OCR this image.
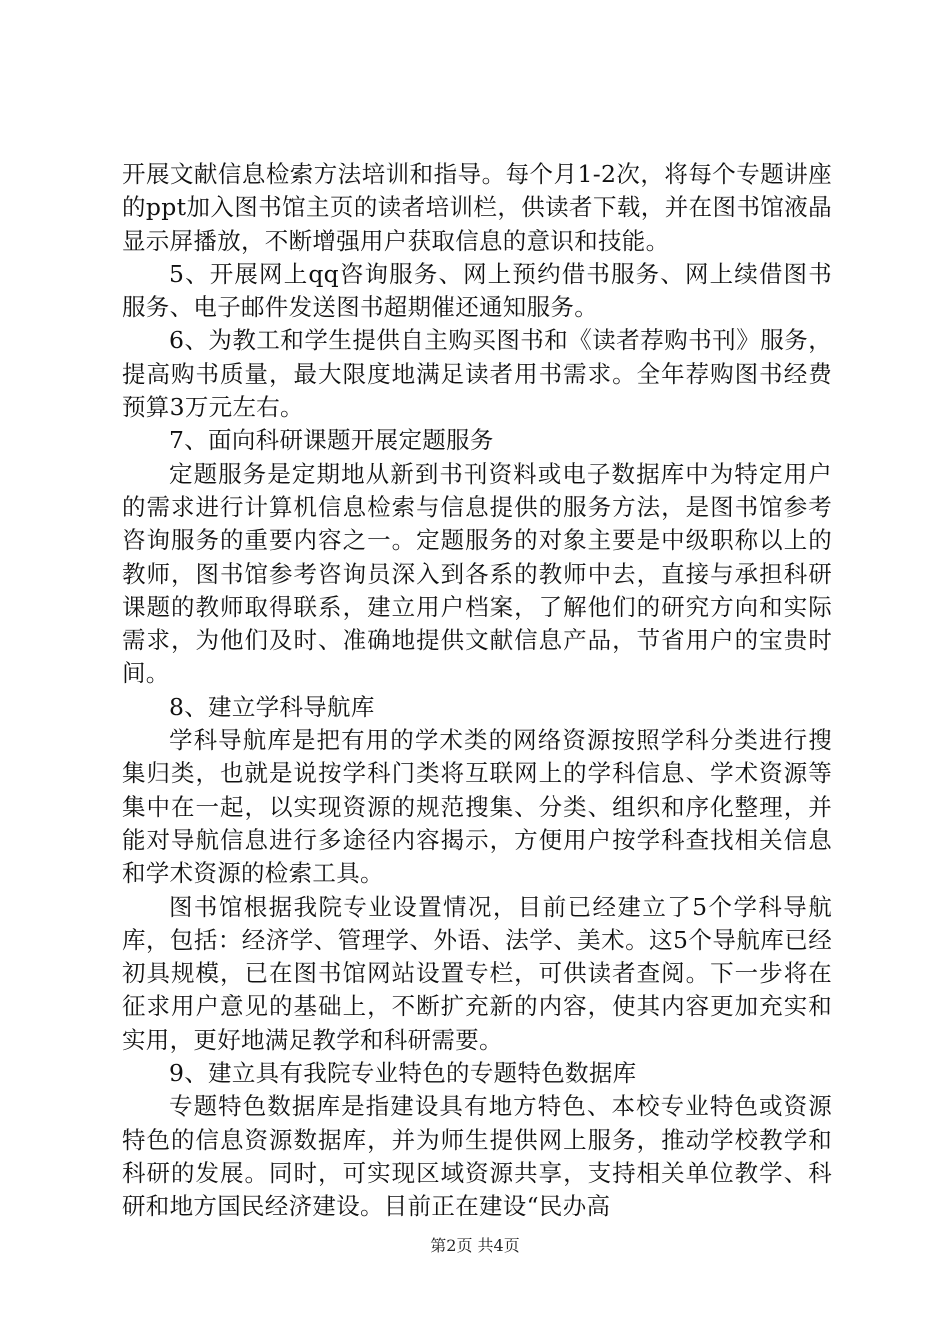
开展文献信息检索方法培训和指导。每个月1-2次，将每个专题讲座的ppt加入图书馆主页的读者培训栏，供读者下载，并在图书馆液晶显示屏播放，不断增强用户获取信息的意识和技能。

5、开展网上qq咨询服务、网上预约借书服务、网上续借图书服务、电子邮件发送图书超期催还通知服务。

6、为教工和学生提供自主购买图书和《读者荐购书刊》服务，提高购书质量，最大限度地满足读者用书需求。全年荐购图书经费预算3万元左右。

7、面向科研课题开展定题服务

定题服务是定期地从新到书刊资料或电子数据库中为特定用户的需求进行计算机信息检索与信息提供的服务方法，是图书馆参考咨询服务的重要内容之一。定题服务的对象主要是中级职称以上的教师，图书馆参考咨询员深入到各系的教师中去，直接与承担科研课题的教师取得联系，建立用户档案，了解他们的研究方向和实际需求，为他们及时、准确地提供文献信息产品，节省用户的宝贵时间。

8、建立学科导航库

学科导航库是把有用的学术类的网络资源按照学科分类进行搜集归类，也就是说按学科门类将互联网上的学科信息、学术资源等集中在一起，以实现资源的规范搜集、分类、组织和序化整理，并能对导航信息进行多途径内容揭示，方便用户按学科查找相关信息和学术资源的检索工具。

图书馆根据我院专业设置情况，目前已经建立了5个学科导航库，包括：经济学、管理学、外语、法学、美术。这5个导航库已经初具规模，已在图书馆网站设置专栏，可供读者查阅。下一步将在征求用户意见的基础上，不断扩充新的内容，使其内容更加充实和实用，更好地满足教学和科研需要。

9、建立具有我院专业特色的专题特色数据库

专题特色数据库是指建设具有地方特色、本校专业特色或资源特色的信息资源数据库，并为师生提供网上服务，推动学校教学和科研的发展。同时，可实现区域资源共享，支持相关单位教学、科研和地方国民经济建设。目前正在建设“民办高

第2页 共4页
